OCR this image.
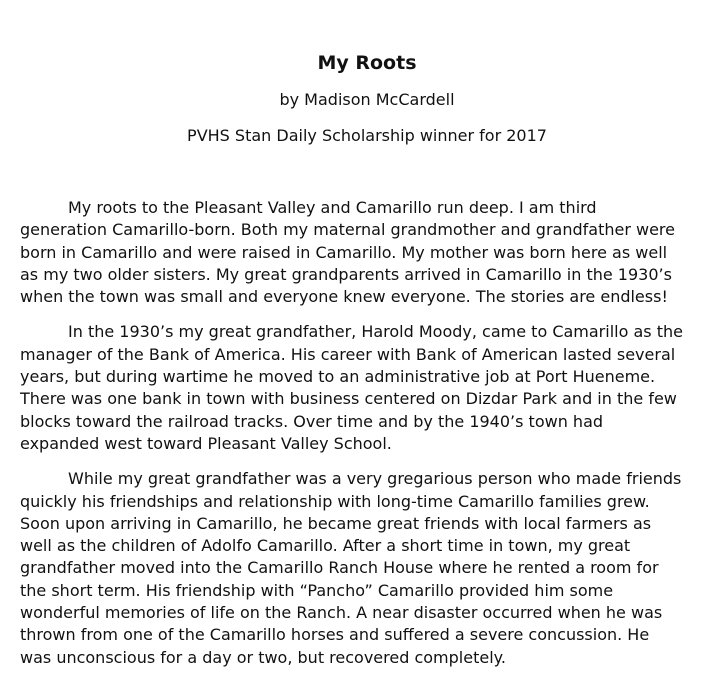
My Roots
by Madison McCardell
PVHS Stan Daily Scholarship winner for 2017
My roots to the Pleasant Valley and Camarillo run deep. I am third
generation Camarillo-born. Both my maternal grandmother and grandfather were
born in Camarillo and were raised in Camarillo. My mother was born here as well
as my two older sisters. My great grandparents arrived in Camarillo in the 1930’s
when the town was small and everyone knew everyone. The stories are endless!
In the 1930’s my great grandfather, Harold Moody, came to Camarillo as the
manager of the Bank of America. His career with Bank of American lasted several
years, but during wartime he moved to an administrative job at Port Hueneme.
There was one bank in town with business centered on Dizdar Park and in the few
blocks toward the railroad tracks. Over time and by the 1940’s town had
expanded west toward Pleasant Valley School.
While my great grandfather was a very gregarious person who made friends
quickly his friendships and relationship with long-time Camarillo families grew.
Soon upon arriving in Camarillo, he became great friends with local farmers as
well as the children of Adolfo Camarillo. After a short time in town, my great
grandfather moved into the Camarillo Ranch House where he rented a room for
the short term. His friendship with “Pancho” Camarillo provided him some
wonderful memories of life on the Ranch. A near disaster occurred when he was
thrown from one of the Camarillo horses and suffered a severe concussion. He
was unconscious for a day or two, but recovered completely.
